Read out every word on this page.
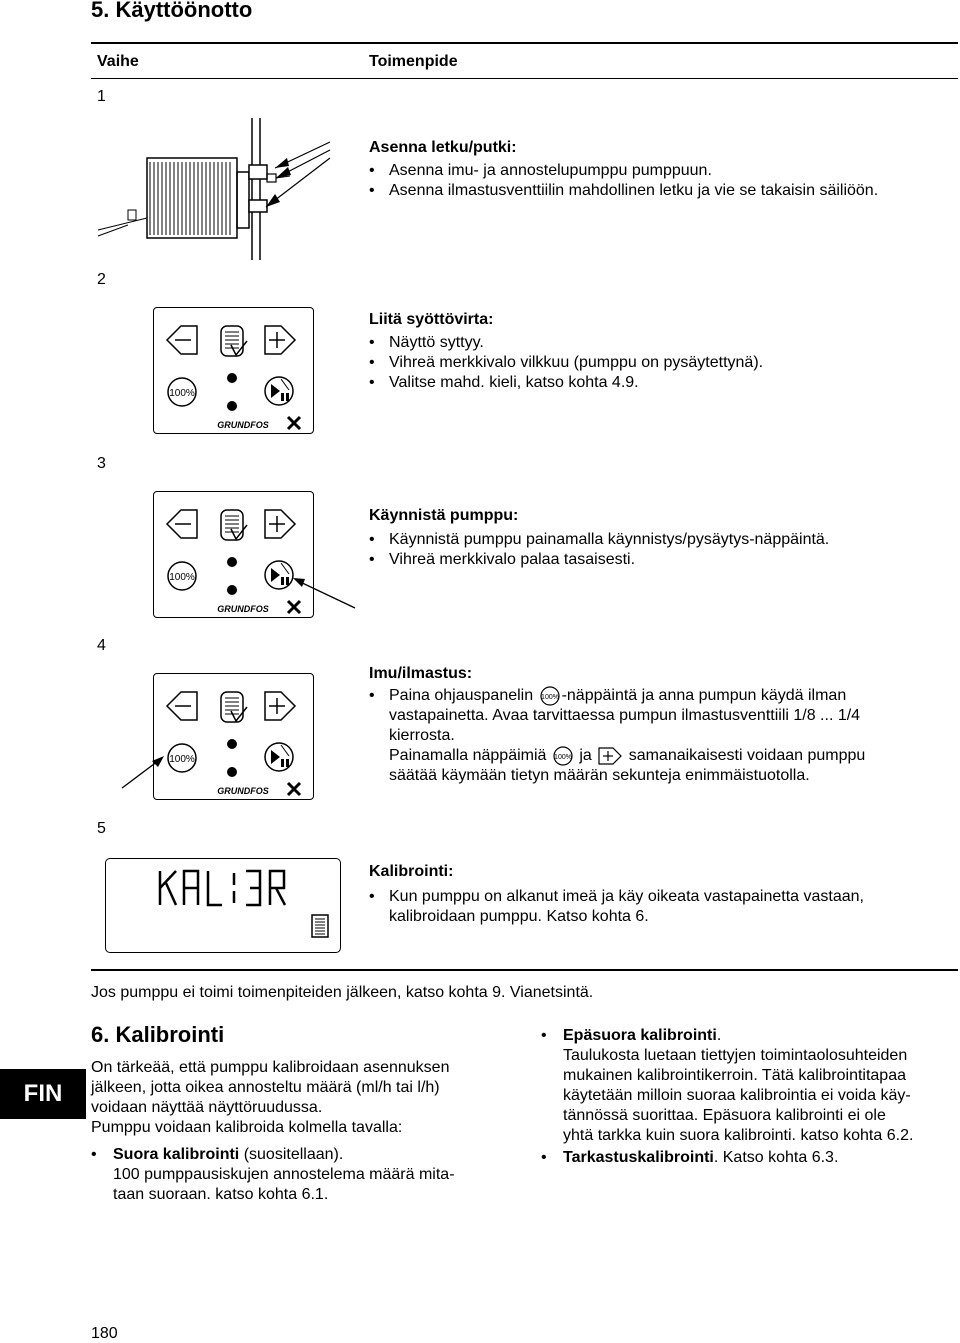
5. Käyttöönotto
Vaihe	Toimenpide
1
Asenna letku/putki:
• Asenna imu- ja annostelupumppu pumppuun.
• Asenna ilmastusventtiilin mahdollinen letku ja vie se takaisin säiliöön.
2
100%
GRUNDFOS
Liitä syöttövirta:
• Näyttö syttyy.
• Vihreä merkkivalo vilkkuu (pumppu on pysäytettynä).
• Valitse mahd. kieli, katso kohta 4.9.
3
100%
GRUNDFOS
Käynnistä pumppu:
• Käynnistä pumppu painamalla käynnistys/pysäytys-näppäintä.
• Vihreä merkkivalo palaa tasaisesti.
4
100%
GRUNDFOS
Imu/ilmastus:
• Paina ohjauspanelin 100% -näppäintä ja anna pumpun käydä ilman
vastapainetta. Avaa tarvittaessa pumpun ilmastusventtiili 1/8 ... 1/4
kierrosta.
Painamalla näppäimiä 100% ja samanaikaisesti voidaan pumppu
säätää käymään tietyn määrän sekunteja enimmäistuotolla.
5
Kalibrointi:
• Kun pumppu on alkanut imeä ja käy oikeata vastapainetta vastaan,
kalibroidaan pumppu. Katso kohta 6.
Jos pumppu ei toimi toimenpiteiden jälkeen, katso kohta 9. Vianetsintä.
6. Kalibrointi
On tärkeää, että pumppu kalibroidaan asennuksen
jälkeen, jotta oikea annosteltu määrä (ml/h tai l/h)
voidaan näyttää näyttöruudussa.
Pumppu voidaan kalibroida kolmella tavalla:
• Suora kalibrointi (suositellaan).
100 pumppausiskujen annostelema määrä mita-
taan suoraan. katso kohta 6.1.
• Epäsuora kalibrointi.
Taulukosta luetaan tiettyjen toimintaolosuhteiden
mukainen kalibrointikerroin. Tätä kalibrointitapaa
käytetään milloin suoraa kalibrointia ei voida käy-
tännössä suorittaa. Epäsuora kalibrointi ei ole
yhtä tarkka kuin suora kalibrointi. katso kohta 6.2.
• Tarkastuskalibrointi. Katso kohta 6.3.
FIN
180
